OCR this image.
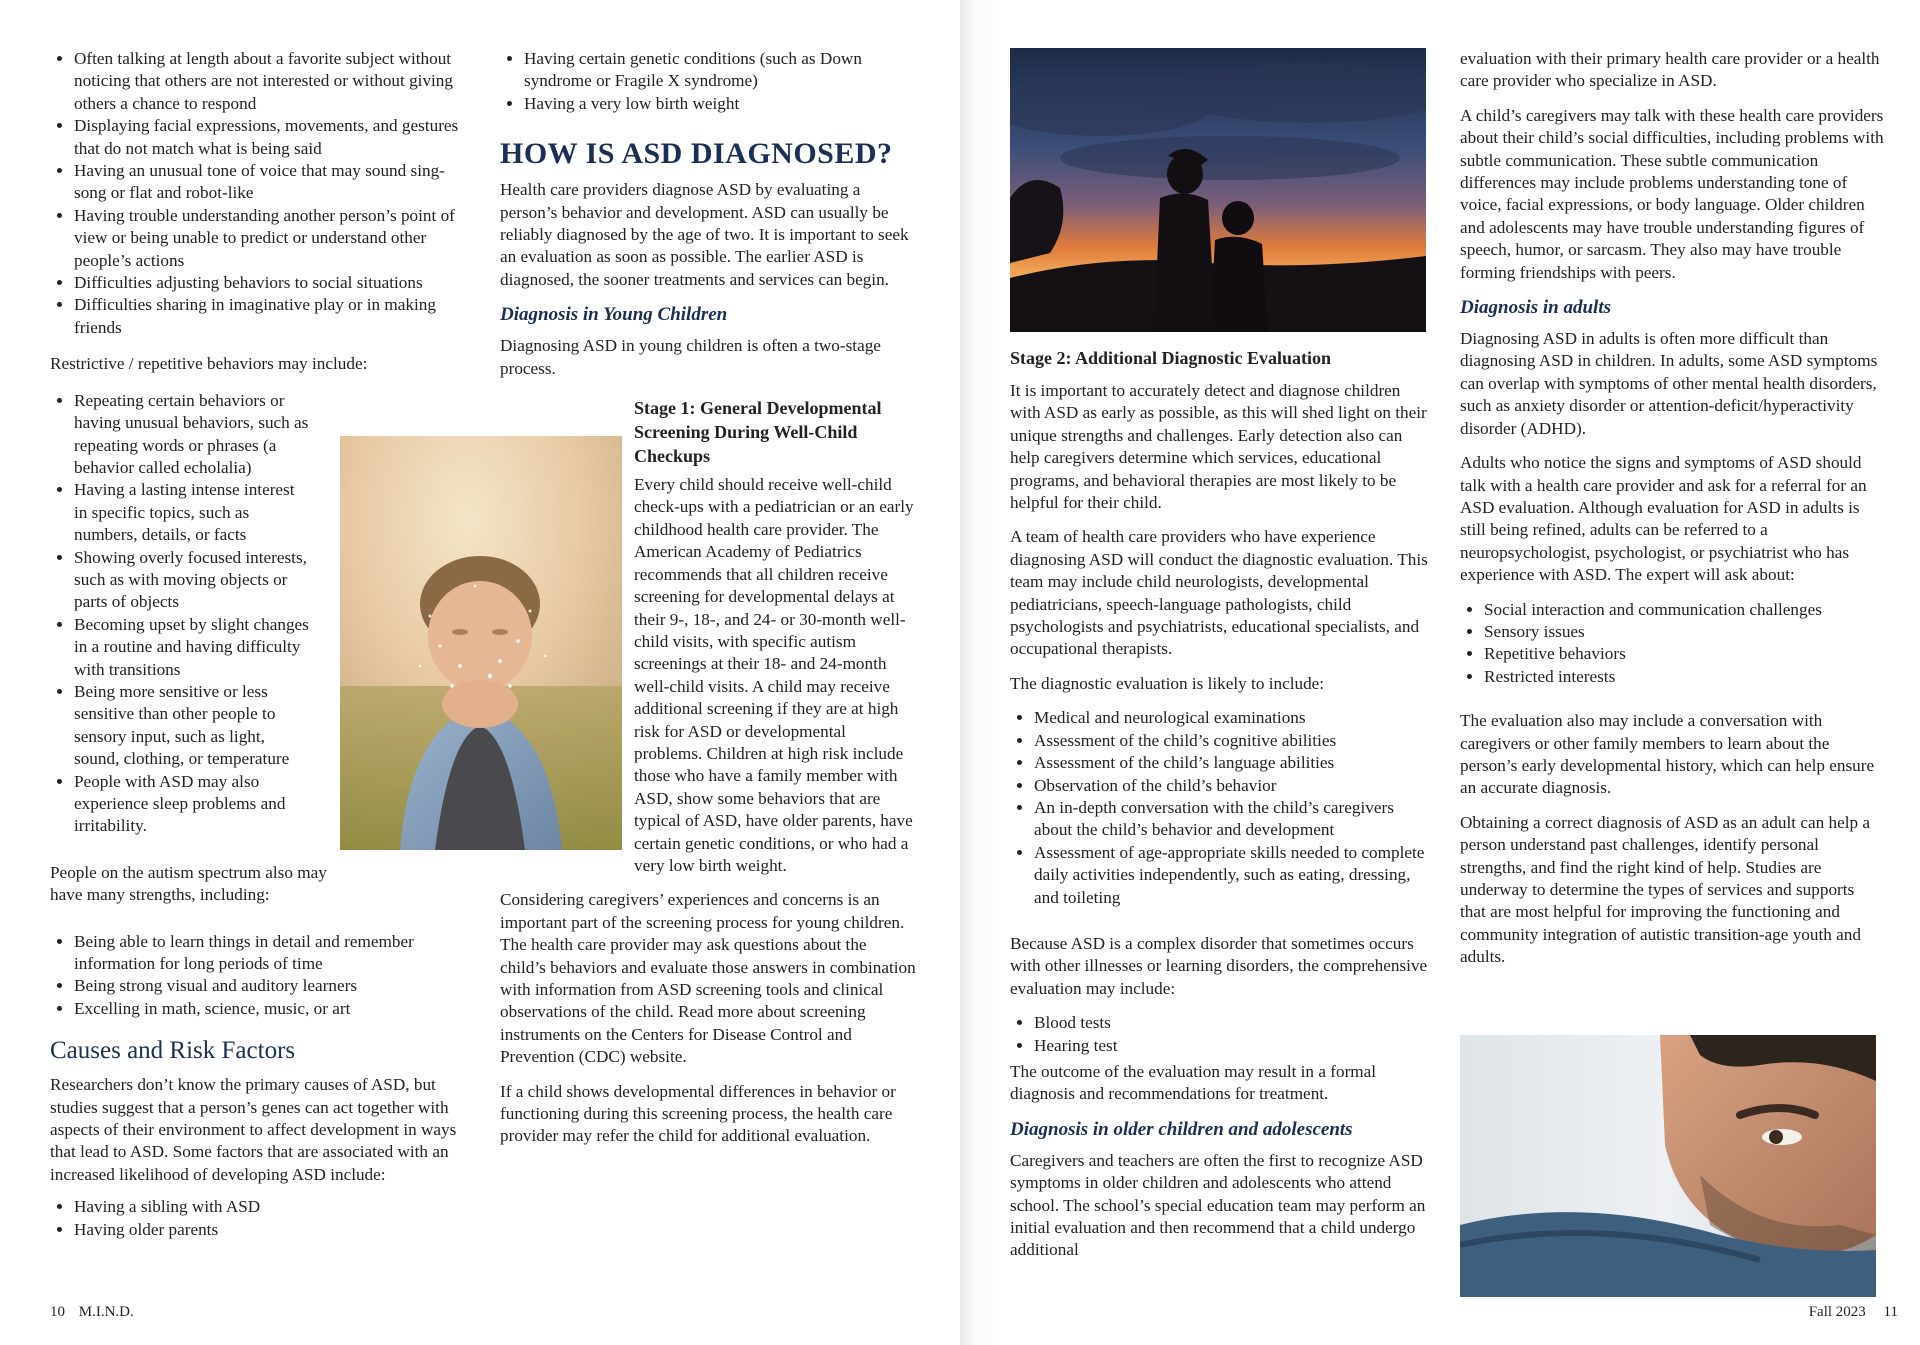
• Often talking at length about a favorite subject without noticing that others are not interested or without giving others a chance to respond
• Displaying facial expressions, movements, and gestures that do not match what is being said
• Having an unusual tone of voice that may sound sing-song or flat and robot-like
• Having trouble understanding another person’s point of view or being unable to predict or understand other people’s actions
• Difficulties adjusting behaviors to social situations
• Difficulties sharing in imaginative play or in making friends

Restrictive / repetitive behaviors may include:

• Repeating certain behaviors or having unusual behaviors, such as repeating words or phrases (a behavior called echolalia)
• Having a lasting intense interest in specific topics, such as numbers, details, or facts
• Showing overly focused interests, such as with moving objects or parts of objects
• Becoming upset by slight changes in a routine and having difficulty with transitions
• Being more sensitive or less sensitive than other people to sensory input, such as light, sound, clothing, or temperature
• People with ASD may also experience sleep problems and irritability.

People on the autism spectrum also may have many strengths, including:

• Being able to learn things in detail and remember information for long periods of time
• Being strong visual and auditory learners
• Excelling in math, science, music, or art
Causes and Risk Factors

Researchers don’t know the primary causes of ASD, but studies suggest that a person’s genes can act together with aspects of their environment to affect development in ways that lead to ASD. Some factors that are associated with an increased likelihood of developing ASD include:

• Having a sibling with ASD
• Having older parents
• Having certain genetic conditions (such as Down syndrome or Fragile X syndrome)
• Having a very low birth weight
HOW IS ASD DIAGNOSED?

Health care providers diagnose ASD by evaluating a person’s behavior and development. ASD can usually be reliably diagnosed by the age of two. It is important to seek an evaluation as soon as possible. The earlier ASD is diagnosed, the sooner treatments and services can begin.

Diagnosis in Young Children

Diagnosing ASD in young children is often a two-stage process.

Stage 1: General Developmental Screening During Well-Child Checkups

Every child should receive well-child check-ups with a pediatrician or an early childhood health care provider. The American Academy of Pediatrics recommends that all children receive screening for developmental delays at their 9-, 18-, and 24- or 30-month well-child visits, with specific autism screenings at their 18- and 24-month well-child visits. A child may receive additional screening if they are at high risk for ASD or developmental problems. Children at high risk include those who have a family member with ASD, show some behaviors that are typical of ASD, have older parents, have certain genetic conditions, or who had a very low birth weight.

Considering caregivers’ experiences and concerns is an important part of the screening process for young children. The health care provider may ask questions about the child’s behaviors and evaluate those answers in combination with information from ASD screening tools and clinical observations of the child. Read more about screening instruments on the Centers for Disease Control and Prevention (CDC) website.

If a child shows developmental differences in behavior or functioning during this screening process, the health care provider may refer the child for additional evaluation.

10 M.I.N.D.
Stage 2: Additional Diagnostic Evaluation

It is important to accurately detect and diagnose children with ASD as early as possible, as this will shed light on their unique strengths and challenges. Early detection also can help caregivers determine which services, educational programs, and behavioral therapies are most likely to be helpful for their child.

A team of health care providers who have experience diagnosing ASD will conduct the diagnostic evaluation. This team may include child neurologists, developmental pediatricians, speech-language pathologists, child psychologists and psychiatrists, educational specialists, and occupational therapists.

The diagnostic evaluation is likely to include:

• Medical and neurological examinations
• Assessment of the child’s cognitive abilities
• Assessment of the child’s language abilities
• Observation of the child’s behavior
• An in-depth conversation with the child’s caregivers about the child’s behavior and development
• Assessment of age-appropriate skills needed to complete daily activities independently, such as eating, dressing, and toileting

Because ASD is a complex disorder that sometimes occurs with other illnesses or learning disorders, the comprehensive evaluation may include:

• Blood tests
• Hearing test

The outcome of the evaluation may result in a formal diagnosis and recommendations for treatment.

Diagnosis in older children and adolescents

Caregivers and teachers are often the first to recognize ASD symptoms in older children and adolescents who attend school. The school’s special education team may perform an initial evaluation and then recommend that a child undergo additional

evaluation with their primary health care provider or a health care provider who specialize in ASD.

A child’s caregivers may talk with these health care providers about their child’s social difficulties, including problems with subtle communication. These subtle communication differences may include problems understanding tone of voice, facial expressions, or body language. Older children and adolescents may have trouble understanding figures of speech, humor, or sarcasm. They also may have trouble forming friendships with peers.

Diagnosis in adults

Diagnosing ASD in adults is often more difficult than diagnosing ASD in children. In adults, some ASD symptoms can overlap with symptoms of other mental health disorders, such as anxiety disorder or attention-deficit/hyperactivity disorder (ADHD).

Adults who notice the signs and symptoms of ASD should talk with a health care provider and ask for a referral for an ASD evaluation. Although evaluation for ASD in adults is still being refined, adults can be referred to a neuropsychologist, psychologist, or psychiatrist who has experience with ASD. The expert will ask about:

• Social interaction and communication challenges
• Sensory issues
• Repetitive behaviors
• Restricted interests

The evaluation also may include a conversation with caregivers or other family members to learn about the person’s early developmental history, which can help ensure an accurate diagnosis.

Obtaining a correct diagnosis of ASD as an adult can help a person understand past challenges, identify personal strengths, and find the right kind of help. Studies are underway to determine the types of services and supports that are most helpful for improving the functioning and community integration of autistic transition-age youth and adults.

Fall 2023 11
